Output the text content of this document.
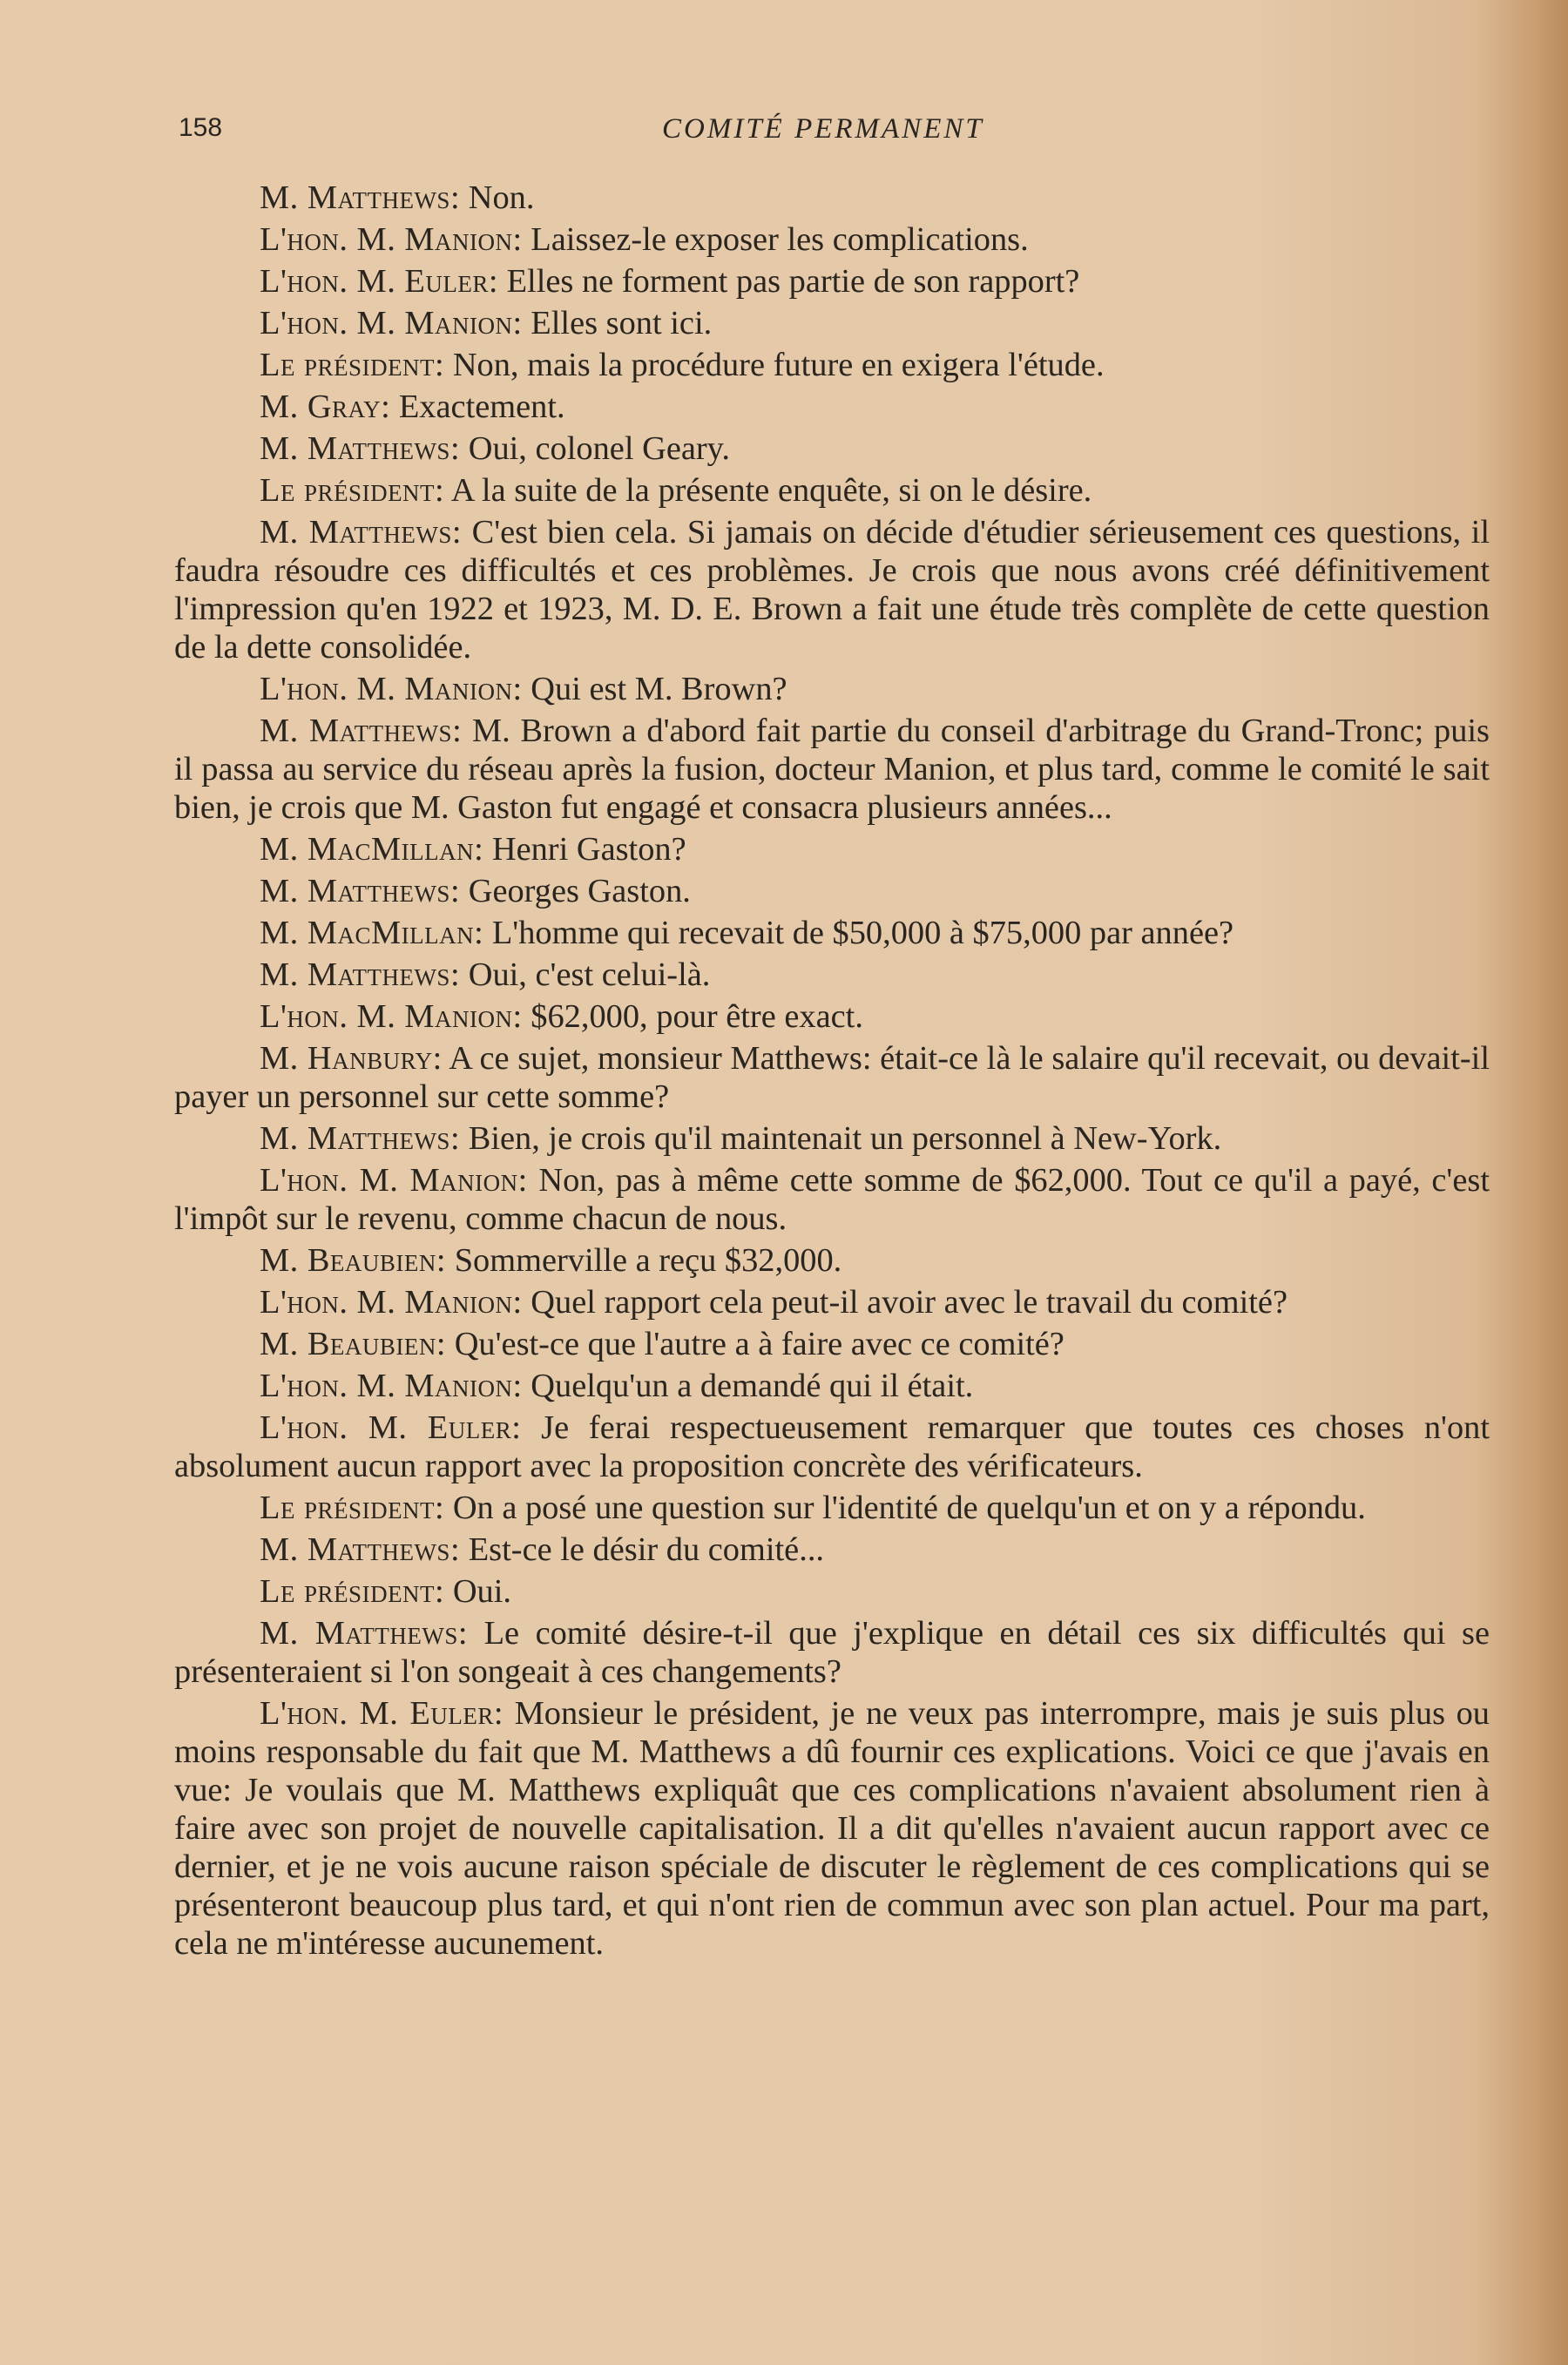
158	COMITÉ PERMANENT

M. Matthews: Non.

L'hon. M. Manion: Laissez-le exposer les complications.

L'hon. M. Euler: Elles ne forment pas partie de son rapport?

L'hon. M. Manion: Elles sont ici.

Le président: Non, mais la procédure future en exigera l'étude.

M. Gray: Exactement.

M. Matthews: Oui, colonel Geary.

Le président: A la suite de la présente enquête, si on le désire.

M. Matthews: C'est bien cela. Si jamais on décide d'étudier sérieusement ces questions, il faudra résoudre ces difficultés et ces problèmes. Je crois que nous avons créé définitivement l'impression qu'en 1922 et 1923, M. D. E. Brown a fait une étude très complète de cette question de la dette consolidée.

L'hon. M. Manion: Qui est M. Brown?

M. Matthews: M. Brown a d'abord fait partie du conseil d'arbitrage du Grand-Tronc; puis il passa au service du réseau après la fusion, docteur Manion, et plus tard, comme le comité le sait bien, je crois que M. Gaston fut engagé et consacra plusieurs années...

M. MacMillan: Henri Gaston?

M. Matthews: Georges Gaston.

M. MacMillan: L'homme qui recevait de $50,000 à $75,000 par année?

M. Matthews: Oui, c'est celui-là.

L'hon. M. Manion: $62,000, pour être exact.

M. Hanbury: A ce sujet, monsieur Matthews: était-ce là le salaire qu'il recevait, ou devait-il payer un personnel sur cette somme?

M. Matthews: Bien, je crois qu'il maintenait un personnel à New-York.

L'hon. M. Manion: Non, pas à même cette somme de $62,000. Tout ce qu'il a payé, c'est l'impôt sur le revenu, comme chacun de nous.

M. Beaubien: Sommerville a reçu $32,000.

L'hon. M. Manion: Quel rapport cela peut-il avoir avec le travail du comité?

M. Beaubien: Qu'est-ce que l'autre a à faire avec ce comité?

L'hon. M. Manion: Quelqu'un a demandé qui il était.

L'hon. M. Euler: Je ferai respectueusement remarquer que toutes ces choses n'ont absolument aucun rapport avec la proposition concrète des vérificateurs.

Le président: On a posé une question sur l'identité de quelqu'un et on y a répondu.

M. Matthews: Est-ce le désir du comité...

Le président: Oui.

M. Matthews: Le comité désire-t-il que j'explique en détail ces six difficultés qui se présenteraient si l'on songeait à ces changements?

L'hon. M. Euler: Monsieur le président, je ne veux pas interrompre, mais je suis plus ou moins responsable du fait que M. Matthews a dû fournir ces explications. Voici ce que j'avais en vue: Je voulais que M. Matthews expliquât que ces complications n'avaient absolument rien à faire avec son projet de nouvelle capitalisation. Il a dit qu'elles n'avaient aucun rapport avec ce dernier, et je ne vois aucune raison spéciale de discuter le règlement de ces complications qui se présenteront beaucoup plus tard, et qui n'ont rien de commun avec son plan actuel. Pour ma part, cela ne m'intéresse aucunement.
